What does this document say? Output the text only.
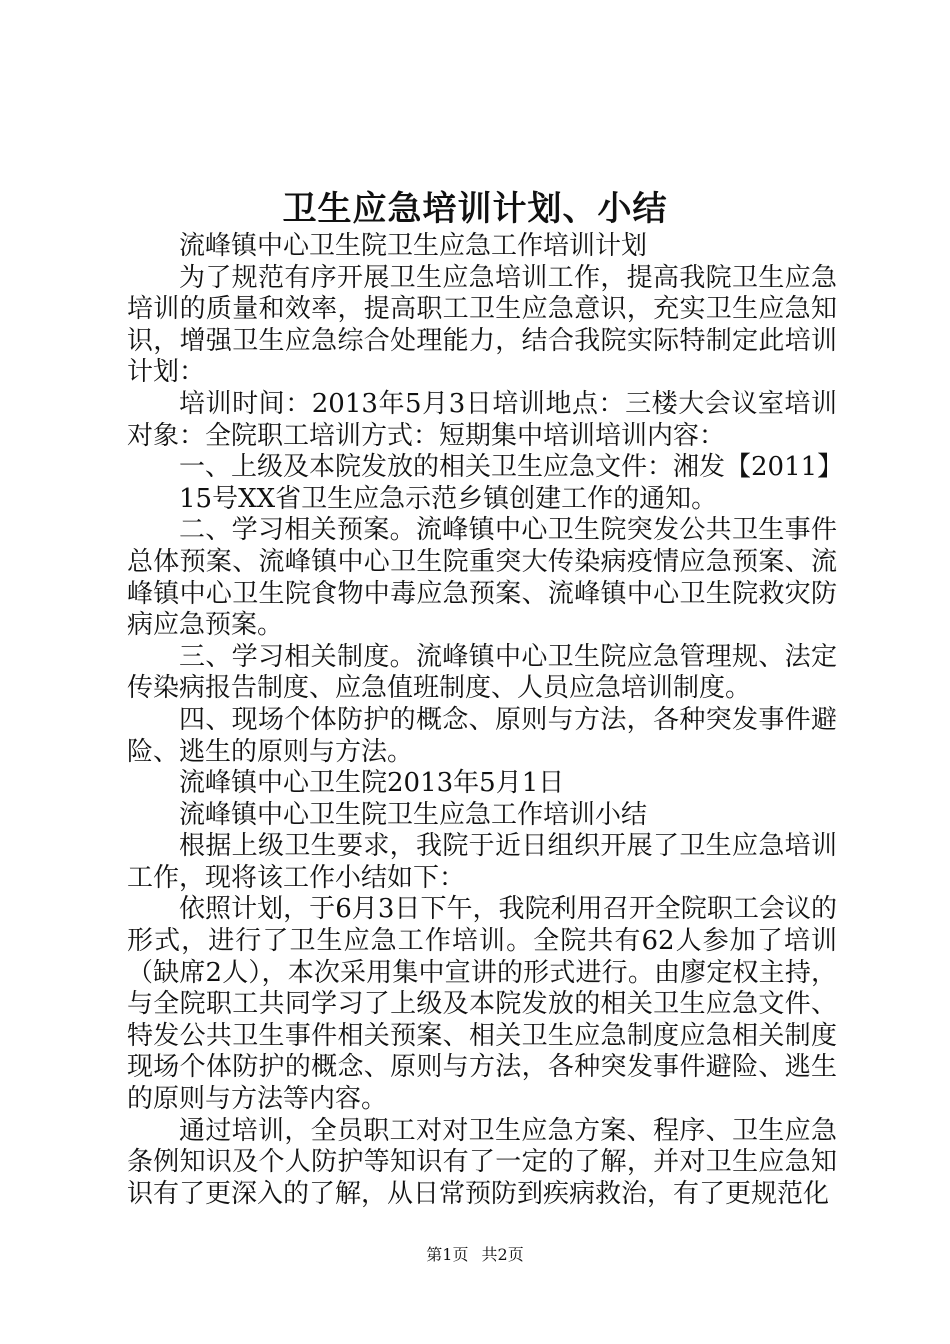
卫生应急培训计划、小结

流峰镇中心卫生院卫生应急工作培训计划

为了规范有序开展卫生应急培训工作，提高我院卫生应急培训的质量和效率，提高职工卫生应急意识，充实卫生应急知识，增强卫生应急综合处理能力，结合我院实际特制定此培训计划：

培训时间：2013年5月3日培训地点：三楼大会议室培训对象：全院职工培训方式：短期集中培训培训内容：

一、上级及本院发放的相关卫生应急文件：湘发【2011】

15号XX省卫生应急示范乡镇创建工作的通知。

二、学习相关预案。流峰镇中心卫生院突发公共卫生事件总体预案、流峰镇中心卫生院重突大传染病疫情应急预案、流峰镇中心卫生院食物中毒应急预案、流峰镇中心卫生院救灾防病应急预案。

三、学习相关制度。流峰镇中心卫生院应急管理规、法定传染病报告制度、应急值班制度、人员应急培训制度。

四、现场个体防护的概念、原则与方法，各种突发事件避险、逃生的原则与方法。

流峰镇中心卫生院2013年5月1日

流峰镇中心卫生院卫生应急工作培训小结

根据上级卫生要求，我院于近日组织开展了卫生应急培训工作，现将该工作小结如下：

依照计划，于6月3日下午，我院利用召开全院职工会议的形式，进行了卫生应急工作培训。全院共有62人参加了培训（缺席2人），本次采用集中宣讲的形式进行。由廖定权主持，与全院职工共同学习了上级及本院发放的相关卫生应急文件、特发公共卫生事件相关预案、相关卫生应急制度应急相关制度现场个体防护的概念、原则与方法，各种突发事件避险、逃生的原则与方法等内容。

通过培训，全员职工对对卫生应急方案、程序、卫生应急条例知识及个人防护等知识有了一定的了解，并对卫生应急知识有了更深入的了解，从日常预防到疾病救治，有了更规范化

第1页 共2页
